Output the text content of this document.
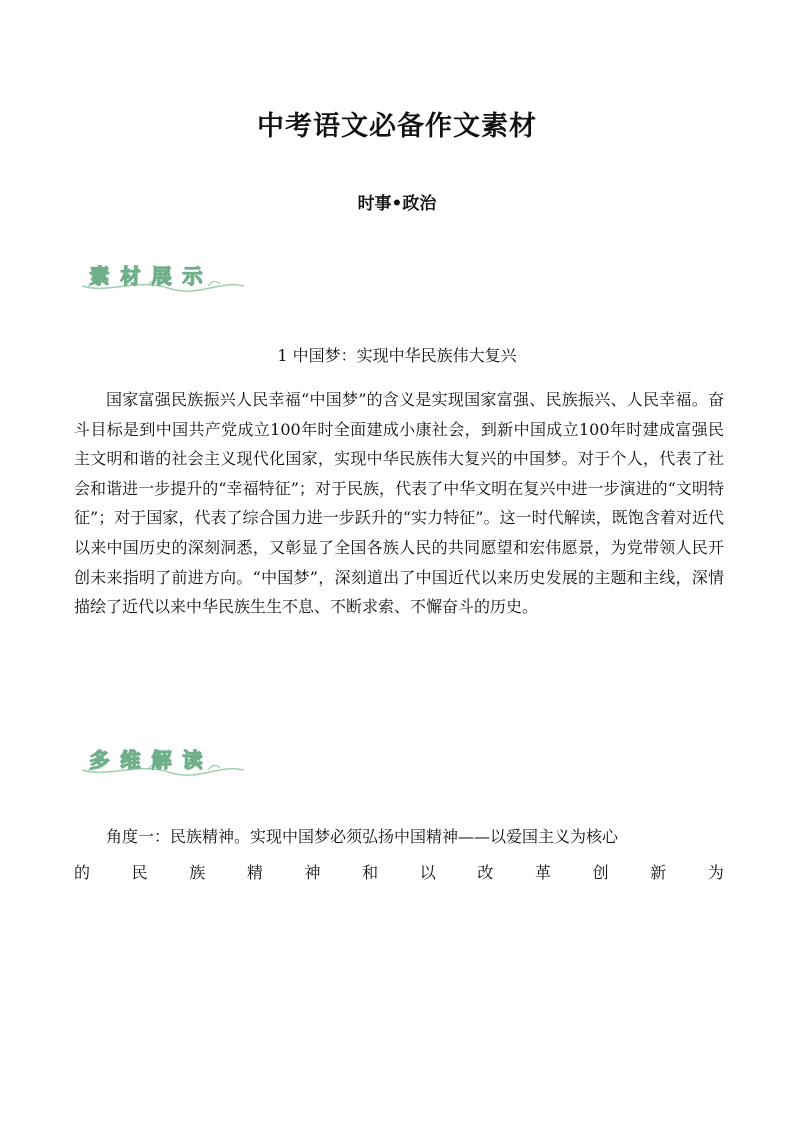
中考语文必备作文素材
时事•政治
素 材 展 示
1 中国梦：实现中华民族伟大复兴

国家富强民族振兴人民幸福“中国梦”的含义是实现国家富强、民族振兴、人民幸福。奋斗目标是到中国共产党成立100年时全面建成小康社会，到新中国成立100年时建成富强民主文明和谐的社会主义现代化国家，实现中华民族伟大复兴的中国梦。对于个人，代表了社会和谐进一步提升的“幸福特征”；对于民族，代表了中华文明在复兴中进一步演进的“文明特征”；对于国家，代表了综合国力进一步跃升的“实力特征”。这一时代解读，既饱含着对近代以来中国历史的深刻洞悉，又彰显了全国各族人民的共同愿望和宏伟愿景，为党带领人民开创未来指明了前进方向。“中国梦”，深刻道出了中国近代以来历史发展的主题和主线，深情描绘了近代以来中华民族生生不息、不断求索、不懈奋斗的历史。

多 维 解 读

角度一：民族精神。实现中国梦必须弘扬中国精神——以爱国主义为核心

的	民	族	精	神	和	以	改	革	创	新	为
